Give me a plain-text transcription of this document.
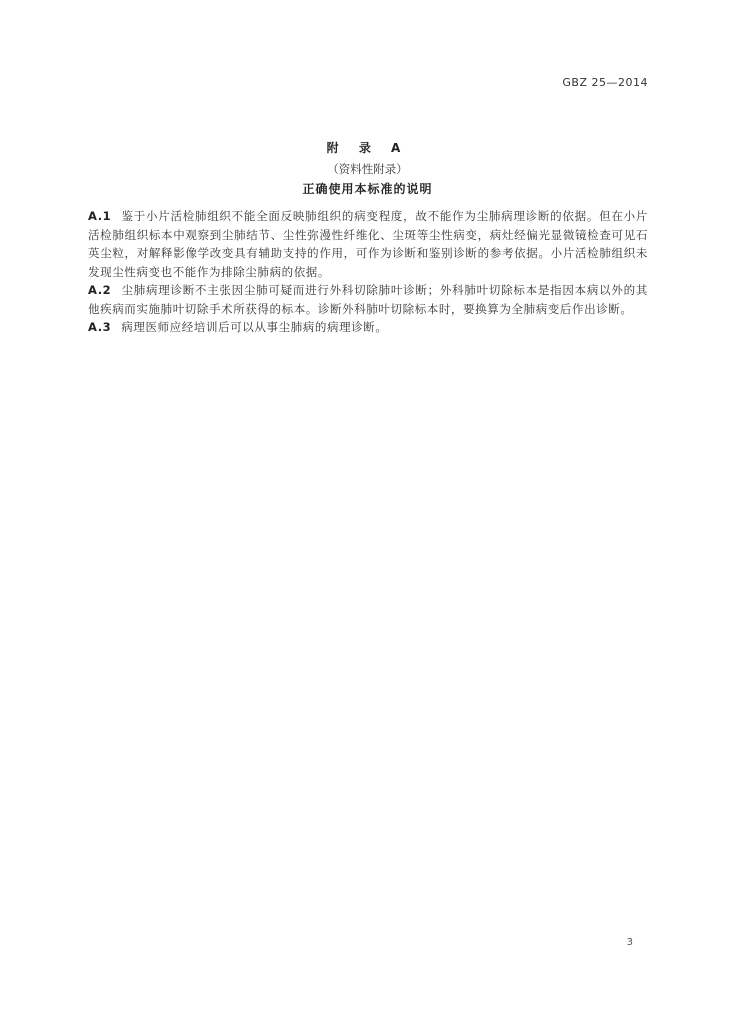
GBZ 25—2014
附 录 A
（资料性附录）
正确使用本标准的说明
A.1 鉴于小片活检肺组织不能全面反映肺组织的病变程度，故不能作为尘肺病理诊断的依据。但在小片活检肺组织标本中观察到尘肺结节、尘性弥漫性纤维化、尘斑等尘性病变，病灶经偏光显微镜检查可见石英尘粒，对解释影像学改变具有辅助支持的作用，可作为诊断和鉴别诊断的参考依据。小片活检肺组织未发现尘性病变也不能作为排除尘肺病的依据。
A.2 尘肺病理诊断不主张因尘肺可疑而进行外科切除肺叶诊断；外科肺叶切除标本是指因本病以外的其他疾病而实施肺叶切除手术所获得的标本。诊断外科肺叶切除标本时，要换算为全肺病变后作出诊断。
A.3 病理医师应经培训后可以从事尘肺病的病理诊断。
3
